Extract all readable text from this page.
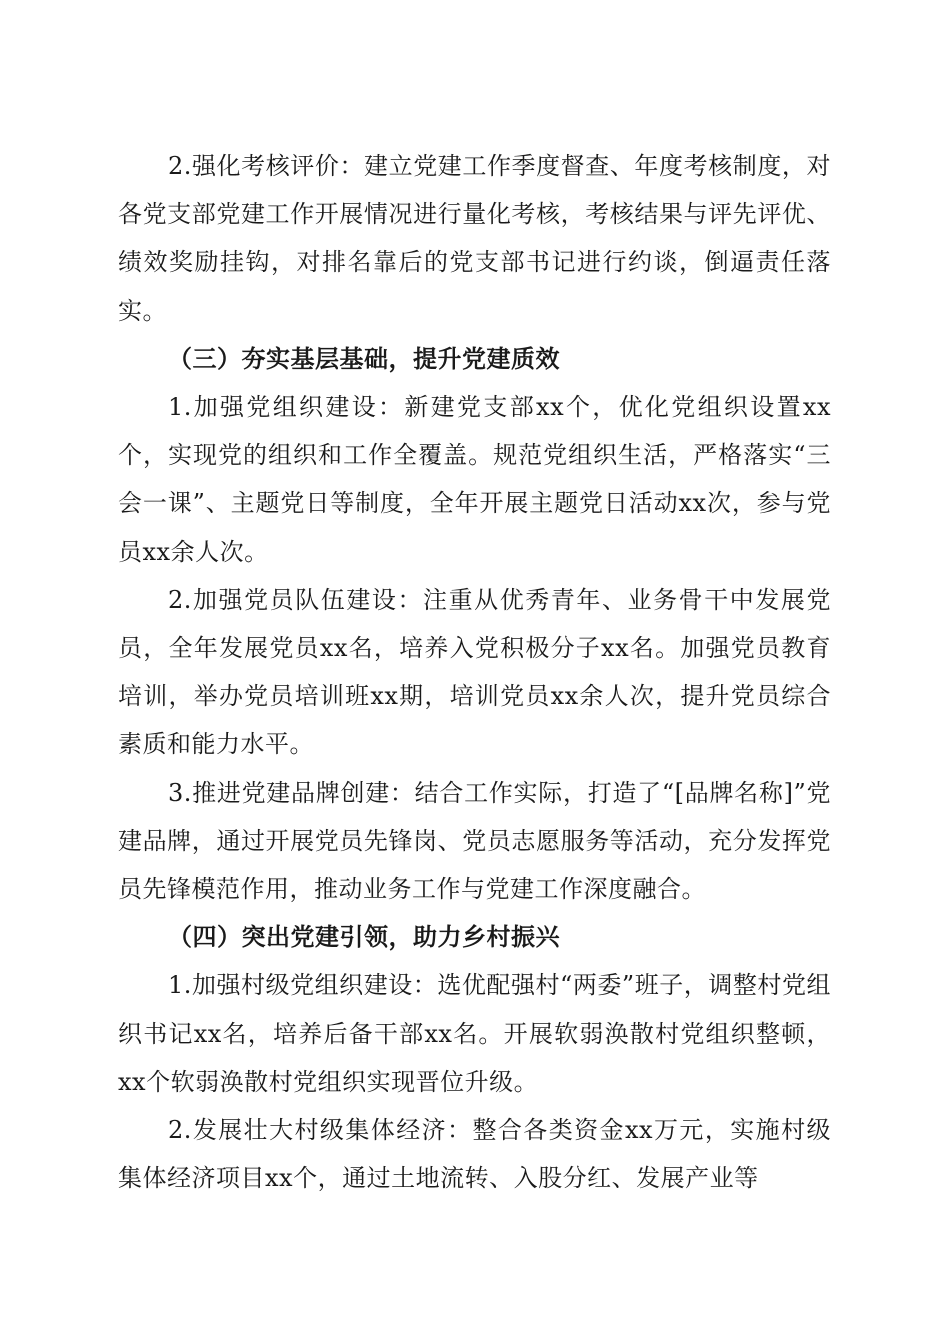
2.强化考核评价：建立党建工作季度督查、年度考核制度，对各党支部党建工作开展情况进行量化考核，考核结果与评先评优、绩效奖励挂钩，对排名靠后的党支部书记进行约谈，倒逼责任落实。

（三）夯实基层基础，提升党建质效

1.加强党组织建设：新建党支部xx个，优化党组织设置xx个，实现党的组织和工作全覆盖。规范党组织生活，严格落实“三会一课”、主题党日等制度，全年开展主题党日活动xx次，参与党员xx余人次。

2.加强党员队伍建设：注重从优秀青年、业务骨干中发展党员，全年发展党员xx名，培养入党积极分子xx名。加强党员教育培训，举办党员培训班xx期，培训党员xx余人次，提升党员综合素质和能力水平。

3.推进党建品牌创建：结合工作实际，打造了“[品牌名称]”党建品牌，通过开展党员先锋岗、党员志愿服务等活动，充分发挥党员先锋模范作用，推动业务工作与党建工作深度融合。

（四）突出党建引领，助力乡村振兴

1.加强村级党组织建设：选优配强村“两委”班子，调整村党组织书记xx名，培养后备干部xx名。开展软弱涣散村党组织整顿，xx个软弱涣散村党组织实现晋位升级。

2.发展壮大村级集体经济：整合各类资金xx万元，实施村级集体经济项目xx个，通过土地流转、入股分红、发展产业等
